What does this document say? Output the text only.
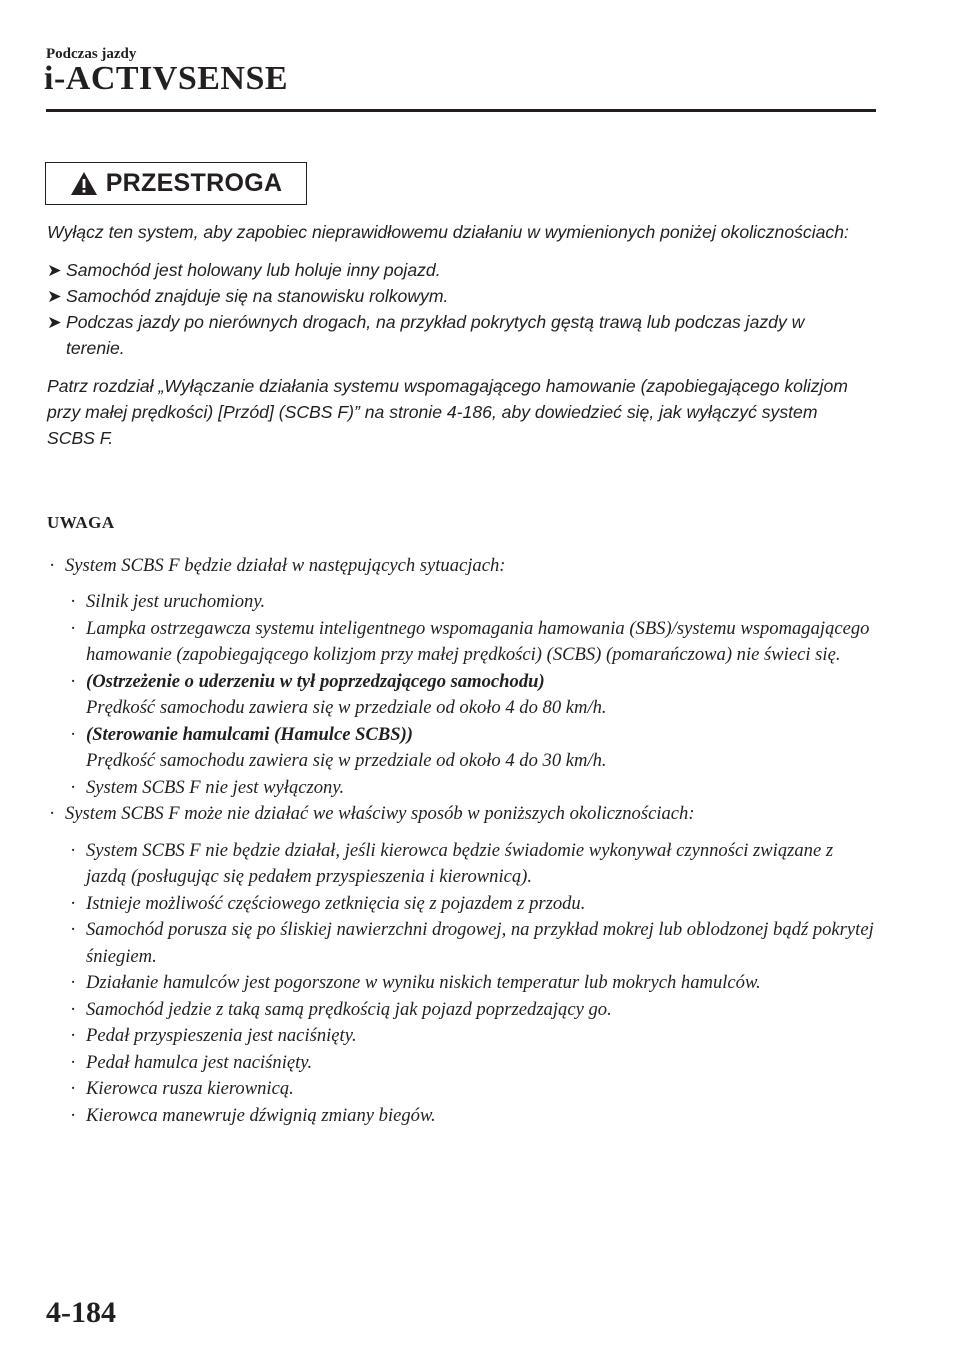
Podczas jazdy
i-ACTIVSENSE
PRZESTROGA

Wyłącz ten system, aby zapobiec nieprawidłowemu działaniu w wymienionych poniżej okolicznościach:

➤ Samochód jest holowany lub holuje inny pojazd.
➤ Samochód znajduje się na stanowisku rolkowym.
➤ Podczas jazdy po nierównych drogach, na przykład pokrytych gęstą trawą lub podczas jazdy w terenie.

Patrz rozdział „Wyłączanie działania systemu wspomagającego hamowanie (zapobiegającego kolizjom przy małej prędkości) [Przód] (SCBS F)” na stronie 4-186, aby dowiedzieć się, jak wyłączyć system SCBS F.

UWAGA
· System SCBS F będzie działał w następujących sytuacjach:
· Silnik jest uruchomiony.
· Lampka ostrzegawcza systemu inteligentnego wspomagania hamowania (SBS)/systemu wspomagającego hamowanie (zapobiegającego kolizjom przy małej prędkości) (SCBS) (pomarańczowa) nie świeci się.
· (Ostrzeżenie o uderzeniu w tył poprzedzającego samochodu)
Prędkość samochodu zawiera się w przedziale od około 4 do 80 km/h.
· (Sterowanie hamulcami (Hamulce SCBS))
Prędkość samochodu zawiera się w przedziale od około 4 do 30 km/h.
· System SCBS F nie jest wyłączony.
· System SCBS F może nie działać we właściwy sposób w poniższych okolicznościach:
· System SCBS F nie będzie działał, jeśli kierowca będzie świadomie wykonywał czynności związane z jazdą (posługując się pedałem przyspieszenia i kierownicą).
· Istnieje możliwość częściowego zetknięcia się z pojazdem z przodu.
· Samochód porusza się po śliskiej nawierzchni drogowej, na przykład mokrej lub oblodzonej bądź pokrytej śniegiem.
· Działanie hamulców jest pogorszone w wyniku niskich temperatur lub mokrych hamulców.
· Samochód jedzie z taką samą prędkością jak pojazd poprzedzający go.
· Pedał przyspieszenia jest naciśnięty.
· Pedał hamulca jest naciśnięty.
· Kierowca rusza kierownicą.
· Kierowca manewruje dźwignią zmiany biegów.
4-184
